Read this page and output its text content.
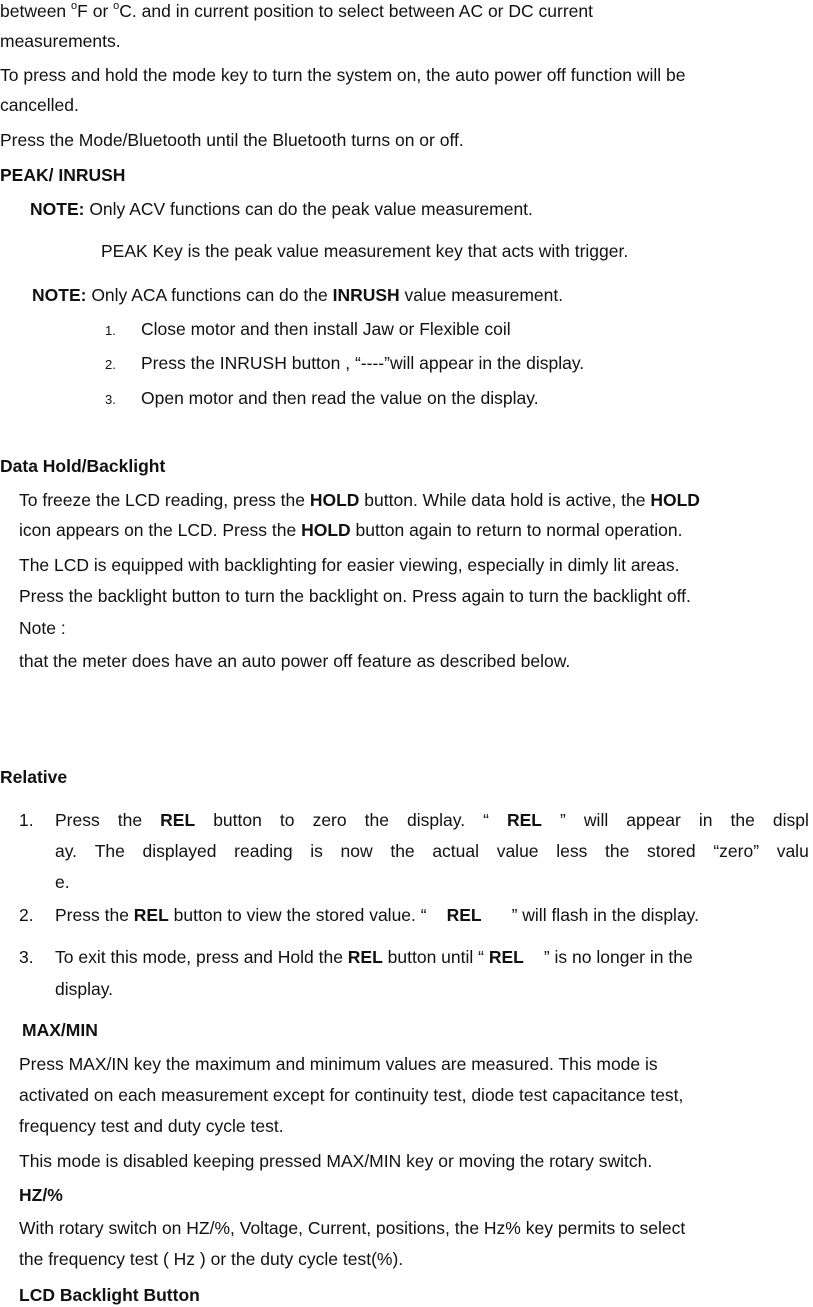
between $^o$F or $^o$C. and in current position to select between AC or DC current
measurements.
To press and hold the mode key to turn the system on, the auto power off function will be
cancelled.
Press the Mode/Bluetooth until the Bluetooth turns on or off.
PEAK/ INRUSH
NOTE: Only ACV functions can do the peak value measurement.
PEAK Key is the peak value measurement key that acts with trigger.
NOTE: Only ACA functions can do the INRUSH value measurement.
1. Close motor and then install Jaw or Flexible coil
2. Press the INRUSH button , “----”will appear in the display.
3. Open motor and then read the value on the display.
Data Hold/Backlight
To freeze the LCD reading, press the HOLD button. While data hold is active, the HOLD
icon appears on the LCD. Press the HOLD button again to return to normal operation.
The LCD is equipped with backlighting for easier viewing, especially in dimly lit areas.
Press the backlight button to turn the backlight on. Press again to turn the backlight off.
Note :
that the meter does have an auto power off feature as described below.
Relative
1.	Press the REL button to zero the display. “ REL ” will appear in the displ
ay. The displayed reading is now the actual value less the stored “zero” valu
e.
2. Press the REL button to view the stored value. “ REL ” will flash in the display.
3. To exit this mode, press and Hold the REL button until “ REL ” is no longer in the
display.
MAX/MIN
Press MAX/IN key the maximum and minimum values are measured. This mode is
activated on each measurement except for continuity test, diode test capacitance test,
frequency test and duty cycle test.
This mode is disabled keeping pressed MAX/MIN key or moving the rotary switch.
HZ/%
With rotary switch on HZ/%, Voltage, Current, positions, the Hz% key permits to select
the frequency test ( Hz ) or the duty cycle test(%).
LCD Backlight Button
